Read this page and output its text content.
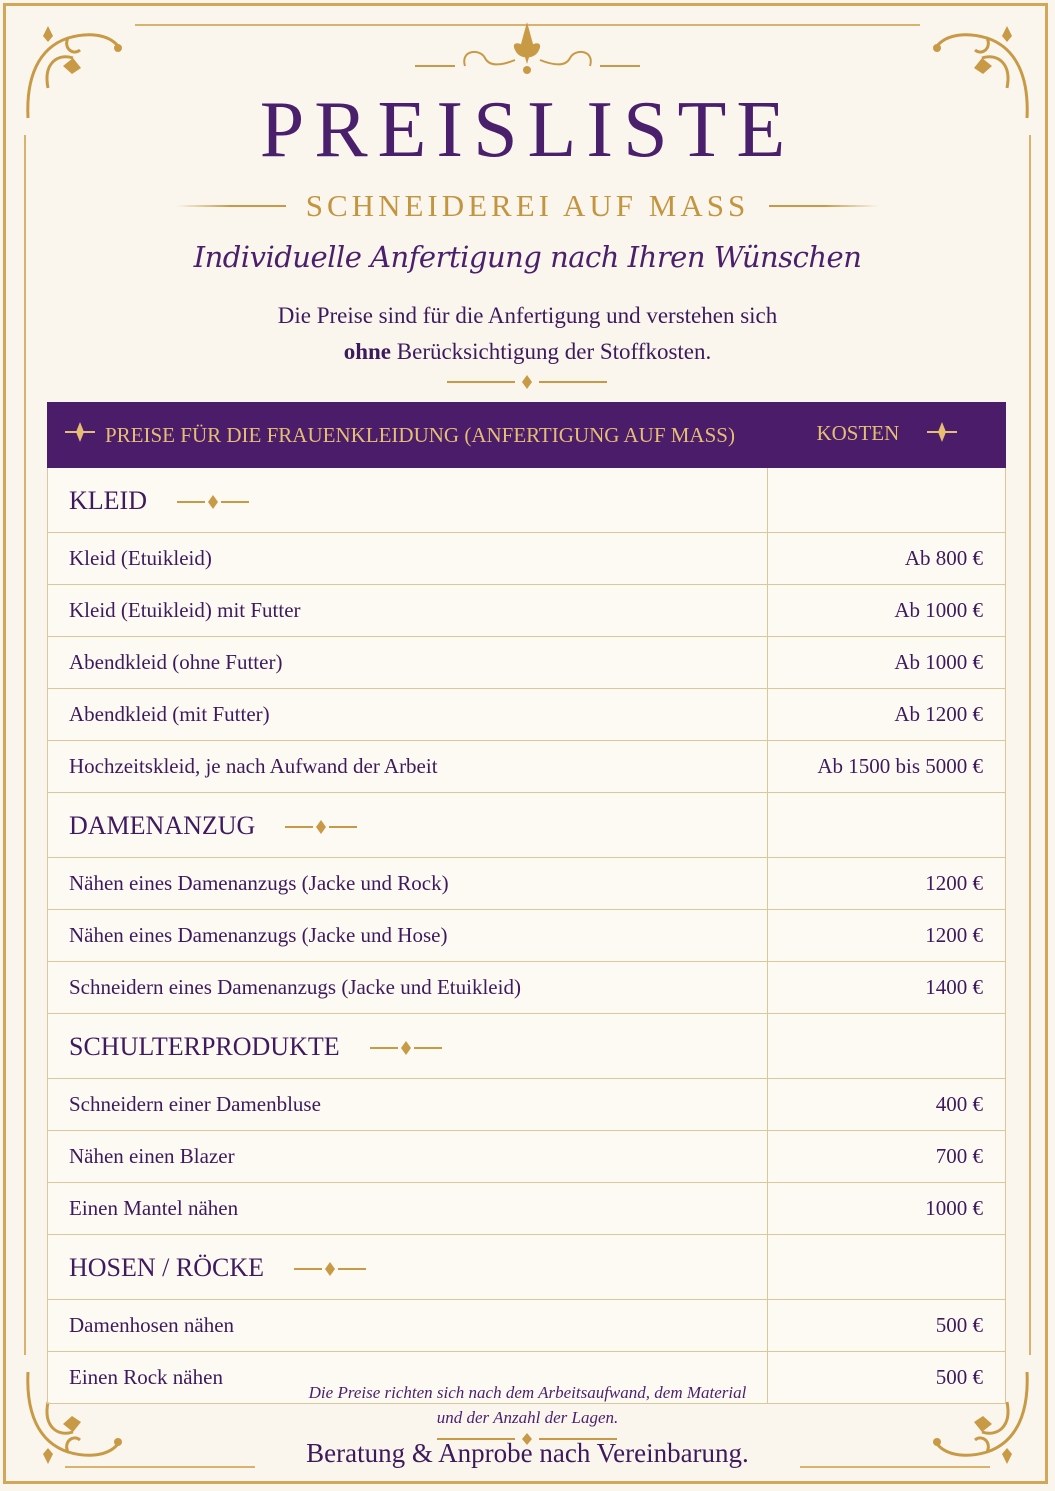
PREISLISTE
SCHNEIDEREI AUF MASS
Individuelle Anfertigung nach Ihren Wünschen
Die Preise sind für die Anfertigung und verstehen sich
ohne Berücksichtigung der Stoffkosten.
PREISE FÜR DIE FRAUENKLEIDUNG (ANFERTIGUNG AUF MASS)	KOSTEN
KLEID	
Kleid (Etuikleid)	Ab 800 €
Kleid (Etuikleid) mit Futter	Ab 1000 €
Abendkleid (ohne Futter)	Ab 1000 €
Abendkleid (mit Futter)	Ab 1200 €
Hochzeitskleid, je nach Aufwand der Arbeit	Ab 1500 bis 5000 €
DAMENANZUG	
Nähen eines Damenanzugs (Jacke und Rock)	1200 €
Nähen eines Damenanzugs (Jacke und Hose)	1200 €
Schneidern eines Damenanzugs (Jacke und Etuikleid)	1400 €
SCHULTERPRODUKTE	
Schneidern einer Damenbluse	400 €
Nähen einen Blazer	700 €
Einen Mantel nähen	1000 €
HOSEN / RÖCKE	
Damenhosen nähen	500 €
Einen Rock nähen	500 €
Die Preise richten sich nach dem Arbeitsaufwand, dem Material
und der Anzahl der Lagen.
Beratung & Anprobe nach Vereinbarung.
